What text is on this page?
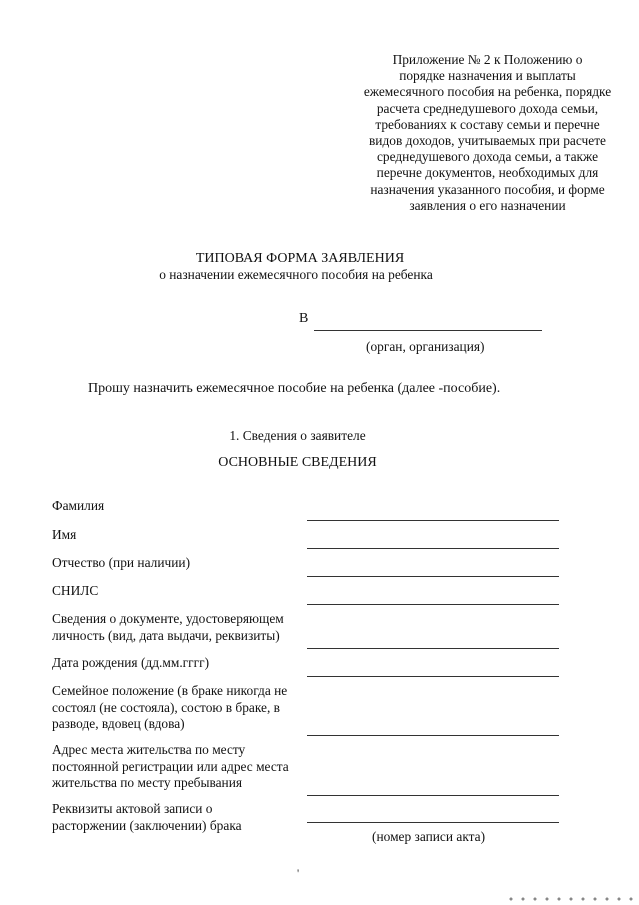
Приложение № 2 к Положению о
порядке назначения и выплаты
ежемесячного пособия на ребенка, порядке
расчета среднедушевого дохода семьи,
требованиях к составу семьи и перечне
видов доходов, учитываемых при расчете
среднедушевого дохода семьи, а также
перечне документов, необходимых для
назначения указанного пособия, и форме
заявления о его назначении
ТИПОВАЯ ФОРМА ЗАЯВЛЕНИЯ
о назначении ежемесячного пособия на ребенка
В
(орган, организация)
Прошу назначить ежемесячное пособие на ребенка (далее -пособие).
1. Сведения о заявителе
ОСНОВНЫЕ СВЕДЕНИЯ
Фамилия
Имя
Отчество (при наличии)
СНИЛС
Сведения о документе, удостоверяющем
личность (вид, дата выдачи, реквизиты)
Дата рождения (дд.мм.гггг)
Семейное положение (в браке никогда не
состоял (не состояла), состою в браке, в
разводе, вдовец (вдова)
Адрес места жительства по месту
постоянной регистрации или адрес места
жительства по месту пребывания
Реквизиты актовой записи о
расторжении (заключении) брака
(номер записи акта)
'
